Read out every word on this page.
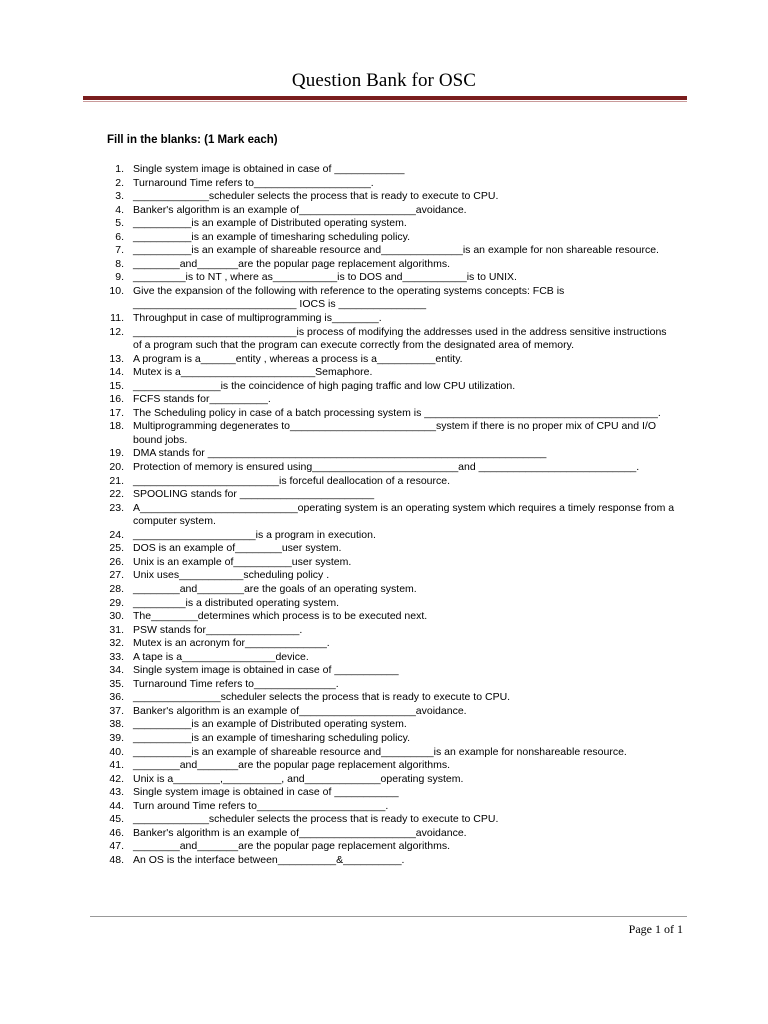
Question Bank for OSC
Fill in the blanks: (1 Mark each)
1. Single system image is obtained in case of ____________
2. Turnaround Time refers to____________________.
3. _____________scheduler selects the process that is ready to execute to CPU.
4. Banker's algorithm is an example of____________________avoidance.
5. __________is an example of Distributed operating system.
6. __________is an example of timesharing scheduling policy.
7. __________is an example of shareable resource and______________is an example for non shareable resource.
8. ________and_______are the popular page replacement algorithms.
9. _________is to NT , where as___________is to DOS and___________is to UNIX.
10. Give the expansion of the following with reference to the operating systems concepts: FCB is ____________________________ IOCS is _______________
11. Throughput in case of multiprogramming is________.
12. ____________________________is process of modifying the addresses used in the address sensitive instructions of a program such that the program can execute correctly from the designated area of memory.
13. A program is a______entity , whereas a process is a__________entity.
14. Mutex is a_______________________Semaphore.
15. _______________is the coincidence of high paging traffic and low CPU utilization.
16. FCFS stands for__________.
17. The Scheduling policy in case of a batch processing system is ________________________________________.
18. Multiprogramming degenerates to_________________________system if there is no proper mix of CPU and I/O bound jobs.
19. DMA stands for __________________________________________________________
20. Protection of memory is ensured using_________________________and ___________________________.
21. _________________________is forceful deallocation of a resource.
22. SPOOLING stands for _______________________
23. A___________________________operating system is an operating system which requires a timely response from a computer system.
24. _____________________is a program in execution.
25. DOS is an example of________user system.
26. Unix is an example of__________user system.
27. Unix uses___________scheduling policy .
28. ________and________are the goals of an operating system.
29. _________is a distributed operating system.
30. The________determines which process is to be executed next.
31. PSW stands for________________.
32. Mutex is an acronym for______________.
33. A tape is a________________device.
34. Single system image is obtained in case of ___________
35. Turnaround Time refers to______________.
36. _______________scheduler selects the process that is ready to execute to CPU.
37. Banker's algorithm is an example of____________________avoidance.
38. __________is an example of Distributed operating system.
39. __________is an example of timesharing scheduling policy.
40. __________is an example of shareable resource and_________is an example for nonshareable resource.
41. ________and_______are the popular page replacement algorithms.
42. Unix is a________,__________, and_____________operating system.
43. Single system image is obtained in case of ___________
44. Turn around Time refers to______________________.
45. _____________scheduler selects the process that is ready to execute to CPU.
46. Banker's algorithm is an example of____________________avoidance.
47. ________and_______are the popular page replacement algorithms.
48. An OS is the interface between__________&__________.
Page 1 of 1
